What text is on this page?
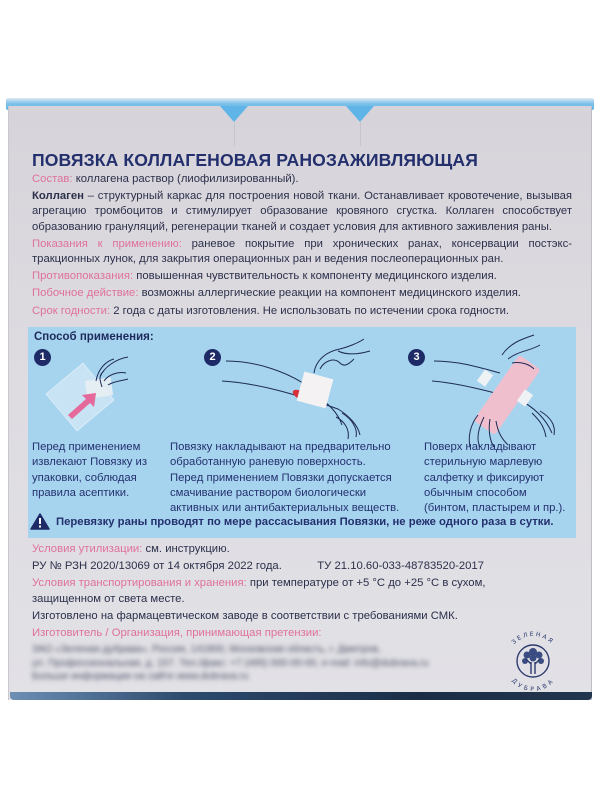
ПОВЯЗКА КОЛЛАГЕНОВАЯ РАНОЗАЖИВЛЯЮЩАЯ
Состав: коллагена раствор (лиофилизированный).
Коллаген – структурный каркас для построения новой ткани. Останавливает кровотечение, вызывая агрегацию тромбоцитов и стимулирует образование кровяного сгустка. Коллаген способствует образованию грануляций, регенерации тканей и создает условия для активного заживления раны.
Показания к применению: раневое покрытие при хронических ранах, консервации постэкс-тракционных лунок, для закрытия операционных ран и ведения послеоперационных ран.
Противопоказания: повышенная чувствительность к компоненту медицинского изделия.
Побочное действие: возможны аллергические реакции на компонент медицинского изделия.
Срок годности: 2 года с даты изготовления. Не использовать по истечении срока годности.
Способ применения:
1	2	3
Перед применением извлекают Повязку из упаковки, соблюдая правила асептики.
Повязку накладывают на предварительно обработанную раневую поверхность. Перед применением Повязки допускается смачивание раствором биологически активных или антибактериальных веществ.
Поверх накладывают стерильную марлевую салфетку и фиксируют обычным способом (бинтом, пластырем и пр.).
Перевязку раны проводят по мере рассасывания Повязки, не реже одного раза в сутки.
Условия утилизации: см. инструкцию.
РУ № РЗН 2020/13069 от 14 октября 2022 года.	ТУ 21.10.60-033-48783520-2017
Условия транспортирования и хранения: при температуре от +5 °С до +25 °С в сухом, защищенном от света месте.
Изготовлено на фармацевтическом заводе в соответствии с требованиями СМК.
Изготовитель / Организация, принимающая претензии:
ЗАО «Зеленая дубрава», Россия, 141800, Московская область, г. Дмитров,
ул. Профессиональная, д. 157. Тел./факс: +7 (495) 000-00-00, e-mail: info@dubrava.ru
Больше информации на сайте www.dubrava.ru
ЗЕЛЕНАЯ
ДУБРАВА
